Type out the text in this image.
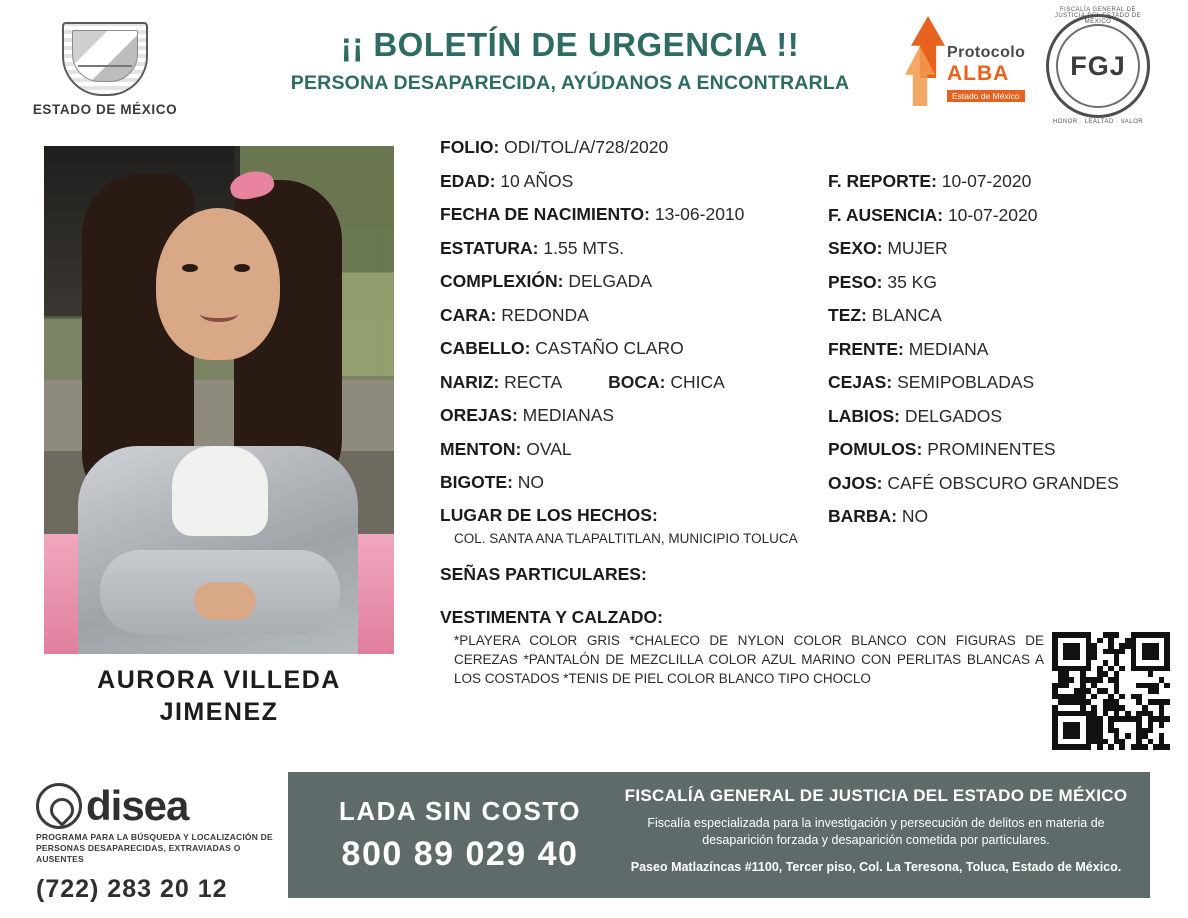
ESTADO DE MÉXICO
¡¡ BOLETÍN DE URGENCIA !!
PERSONA DESAPARECIDA, AYÚDANOS A ENCONTRARLA
Protocolo
ALBA
Estado de México
FISCALÍA GENERAL DE JUSTICIA DEL ESTADO DE MÉXICO
FGJ
HONOR · LEALTAD · VALOR
AURORA VILLEDA JIMENEZ
FOLIO: ODI/TOL/A/728/2020
EDAD: 10 AÑOS
FECHA DE NACIMIENTO: 13-06-2010
ESTATURA: 1.55 MTS.
COMPLEXIÓN: DELGADA
CARA: REDONDA
CABELLO: CASTAÑO CLARO
NARIZ: RECTA	BOCA: CHICA
OREJAS: MEDIANAS
MENTON: OVAL
BIGOTE: NO
LUGAR DE LOS HECHOS:
COL. SANTA ANA TLAPALTITLAN, MUNICIPIO TOLUCA
SEÑAS PARTICULARES:
VESTIMENTA Y CALZADO:
*PLAYERA COLOR GRIS *CHALECO DE NYLON COLOR BLANCO CON FIGURAS DE CEREZAS *PANTALÓN DE MEZCLILLA COLOR AZUL MARINO CON PERLITAS BLANCAS A LOS COSTADOS *TENIS DE PIEL COLOR BLANCO TIPO CHOCLO
F. REPORTE: 10-07-2020
F. AUSENCIA: 10-07-2020
SEXO: MUJER
PESO: 35 KG
TEZ: BLANCA
FRENTE: MEDIANA
CEJAS: SEMIPOBLADAS
LABIOS: DELGADOS
POMULOS: PROMINENTES
OJOS: CAFÉ OBSCURO GRANDES
BARBA: NO
LADA SIN COSTO
800 89 029 40
FISCALÍA GENERAL DE JUSTICIA DEL ESTADO DE MÉXICO
Fiscalía especializada para la investigación y persecución de delitos en materia de desaparición forzada y desaparición cometida por particulares.
Paseo Matlazíncas #1100, Tercer piso, Col. La Teresona, Toluca, Estado de México.
disea
PROGRAMA PARA LA BÚSQUEDA Y LOCALIZACIÓN DE PERSONAS DESAPARECIDAS, EXTRAVIADAS O AUSENTES
(722) 283 20 12
